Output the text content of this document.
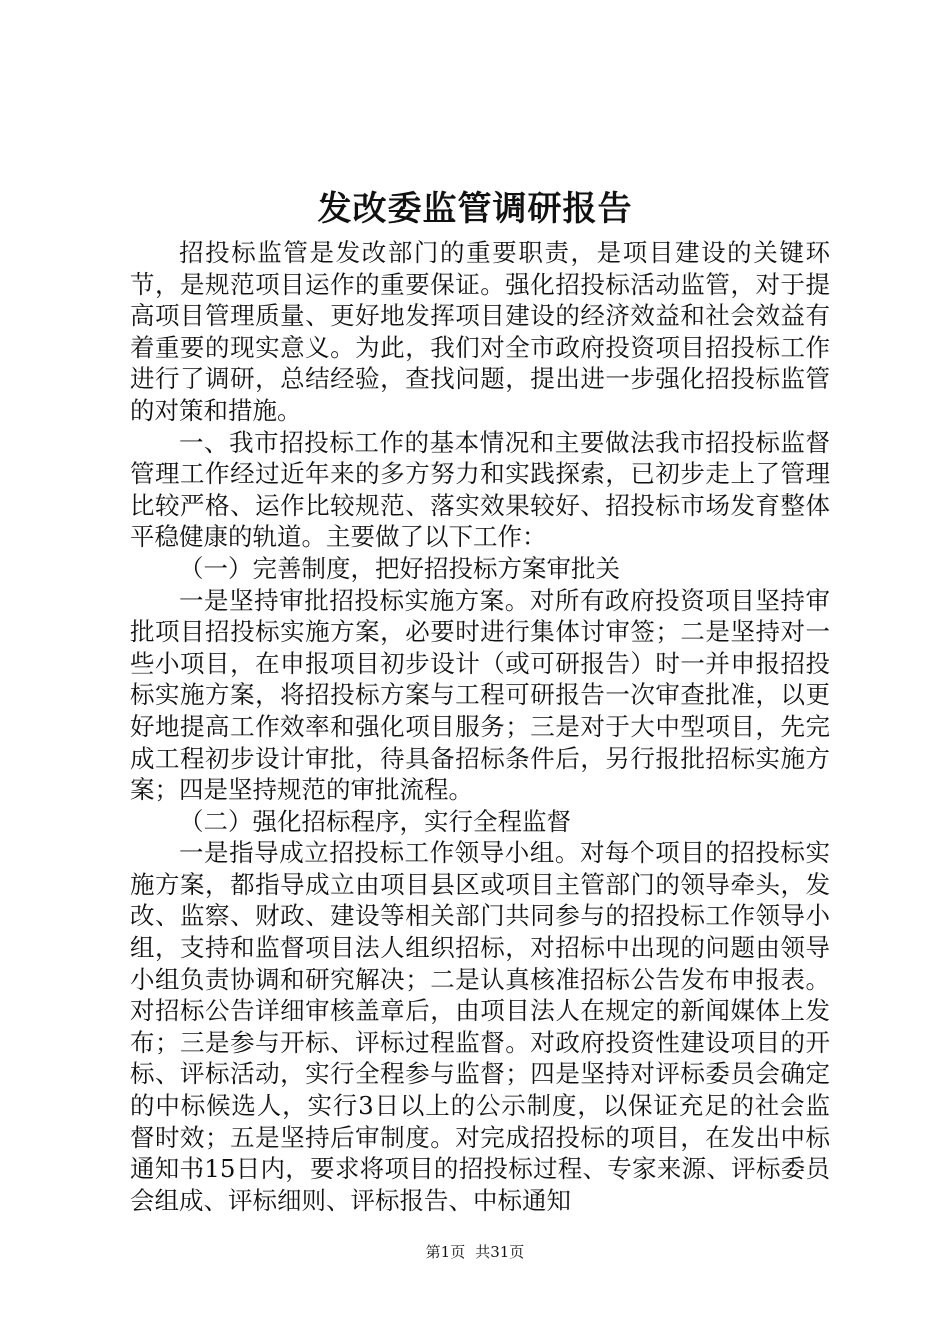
发改委监管调研报告

招投标监管是发改部门的重要职责，是项目建设的关键环节，是规范项目运作的重要保证。强化招投标活动监管，对于提高项目管理质量、更好地发挥项目建设的经济效益和社会效益有着重要的现实意义。为此，我们对全市政府投资项目招投标工作进行了调研，总结经验，查找问题，提出进一步强化招投标监管的对策和措施。

一、我市招投标工作的基本情况和主要做法我市招投标监督管理工作经过近年来的多方努力和实践探索，已初步走上了管理比较严格、运作比较规范、落实效果较好、招投标市场发育整体平稳健康的轨道。主要做了以下工作：

（一）完善制度，把好招投标方案审批关

一是坚持审批招投标实施方案。对所有政府投资项目坚持审批项目招投标实施方案，必要时进行集体讨审签；二是坚持对一些小项目，在申报项目初步设计（或可研报告）时一并申报招投标实施方案，将招投标方案与工程可研报告一次审查批准，以更好地提高工作效率和强化项目服务；三是对于大中型项目，先完成工程初步设计审批，待具备招标条件后，另行报批招标实施方案；四是坚持规范的审批流程。

（二）强化招标程序，实行全程监督

一是指导成立招投标工作领导小组。对每个项目的招投标实施方案，都指导成立由项目县区或项目主管部门的领导牵头，发改、监察、财政、建设等相关部门共同参与的招投标工作领导小组，支持和监督项目法人组织招标，对招标中出现的问题由领导小组负责协调和研究解决；二是认真核准招标公告发布申报表。对招标公告详细审核盖章后，由项目法人在规定的新闻媒体上发布；三是参与开标、评标过程监督。对政府投资性建设项目的开标、评标活动，实行全程参与监督；四是坚持对评标委员会确定的中标候选人，实行3日以上的公示制度，以保证充足的社会监督时效；五是坚持后审制度。对完成招投标的项目，在发出中标通知书15日内，要求将项目的招投标过程、专家来源、评标委员会组成、评标细则、评标报告、中标通知

第1页 共31页
